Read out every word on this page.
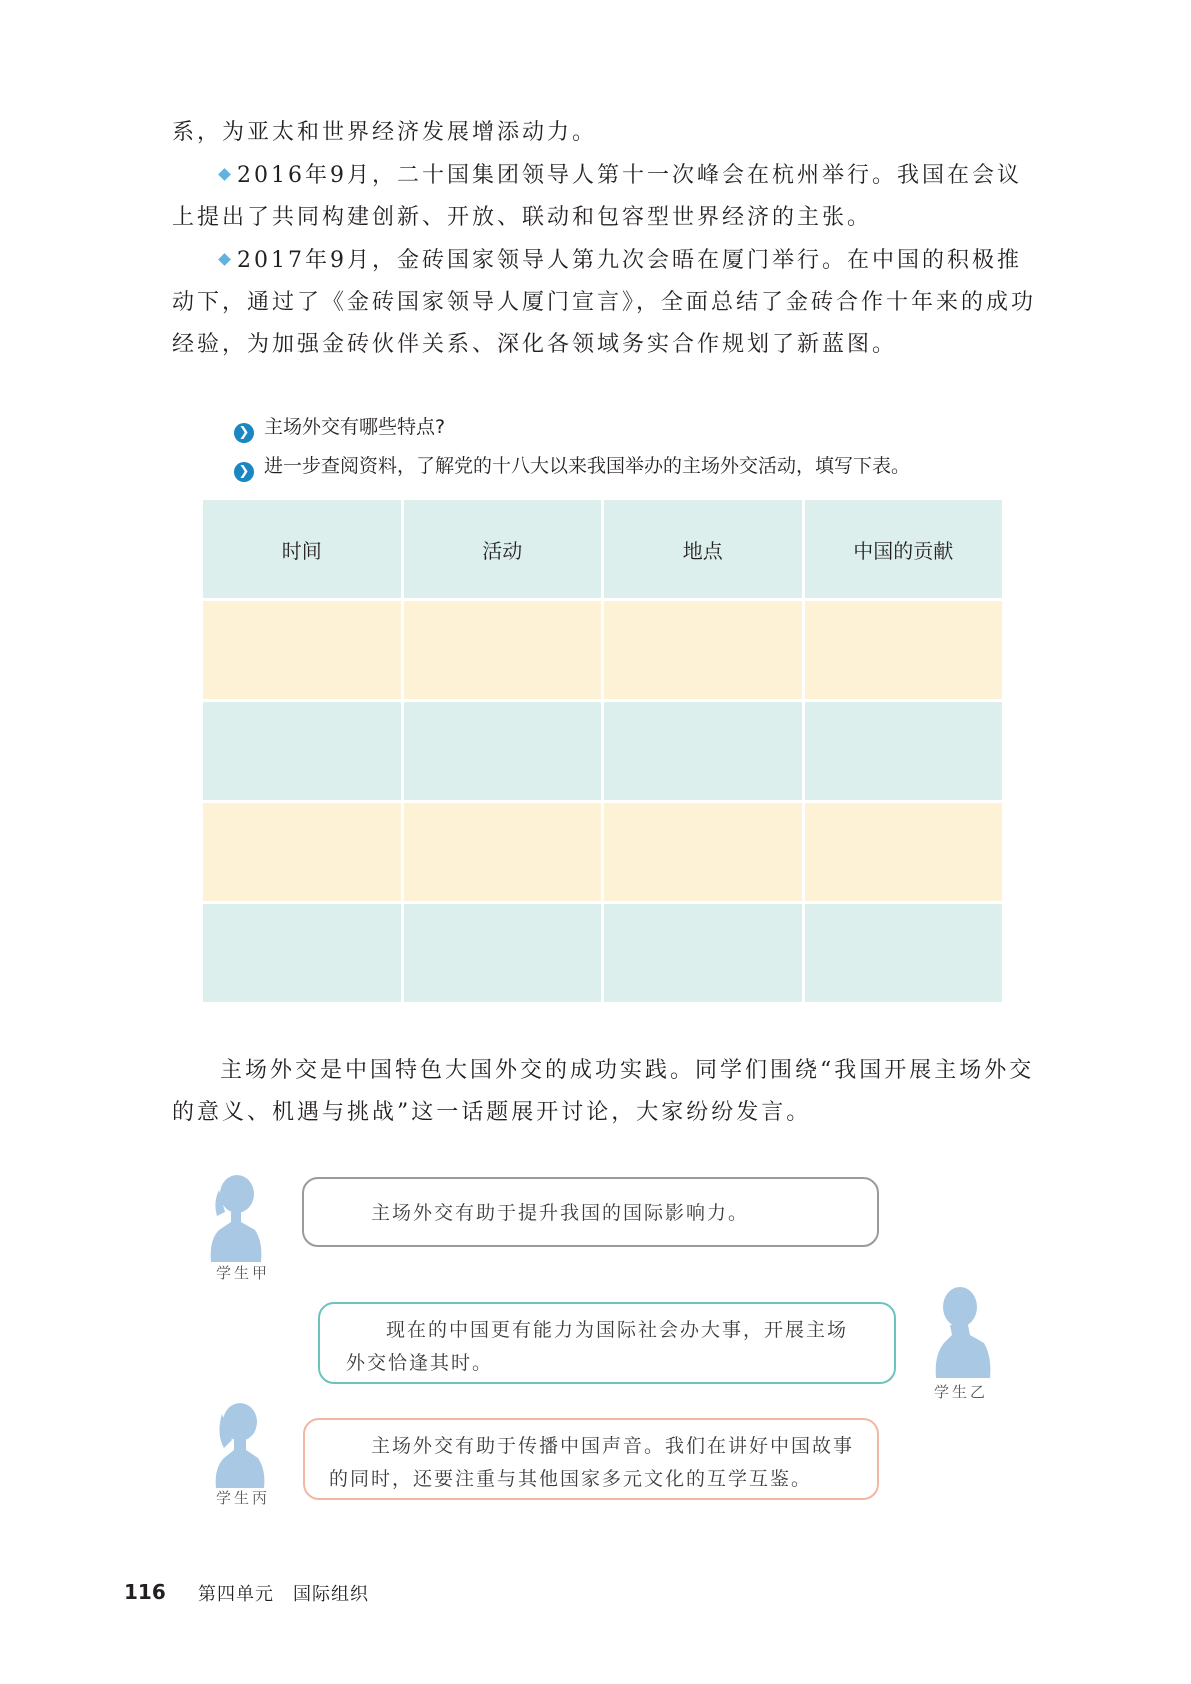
系，为亚太和世界经济发展增添动力。

2016年9月，二十国集团领导人第十一次峰会在杭州举行。我国在会议上提出了共同构建创新、开放、联动和包容型世界经济的主张。

2017年9月，金砖国家领导人第九次会晤在厦门举行。在中国的积极推动下，通过了《金砖国家领导人厦门宣言》，全面总结了金砖合作十年来的成功经验，为加强金砖伙伴关系、深化各领域务实合作规划了新蓝图。

❯ 主场外交有哪些特点?
❯ 进一步查阅资料，了解党的十八大以来我国举办的主场外交活动，填写下表。
时间	活动	地点	中国的贡献

主场外交是中国特色大国外交的成功实践。同学们围绕“我国开展主场外交的意义、机遇与挑战”这一话题展开讨论，大家纷纷发言。

学生甲
主场外交有助于提升我国的国际影响力。
学生乙
现在的中国更有能力为国际社会办大事，开展主场
外交恰逢其时。
学生丙
主场外交有助于传播中国声音。我们在讲好中国故事
的同时，还要注重与其他国家多元文化的互学互鉴。
116 第四单元　国际组织
